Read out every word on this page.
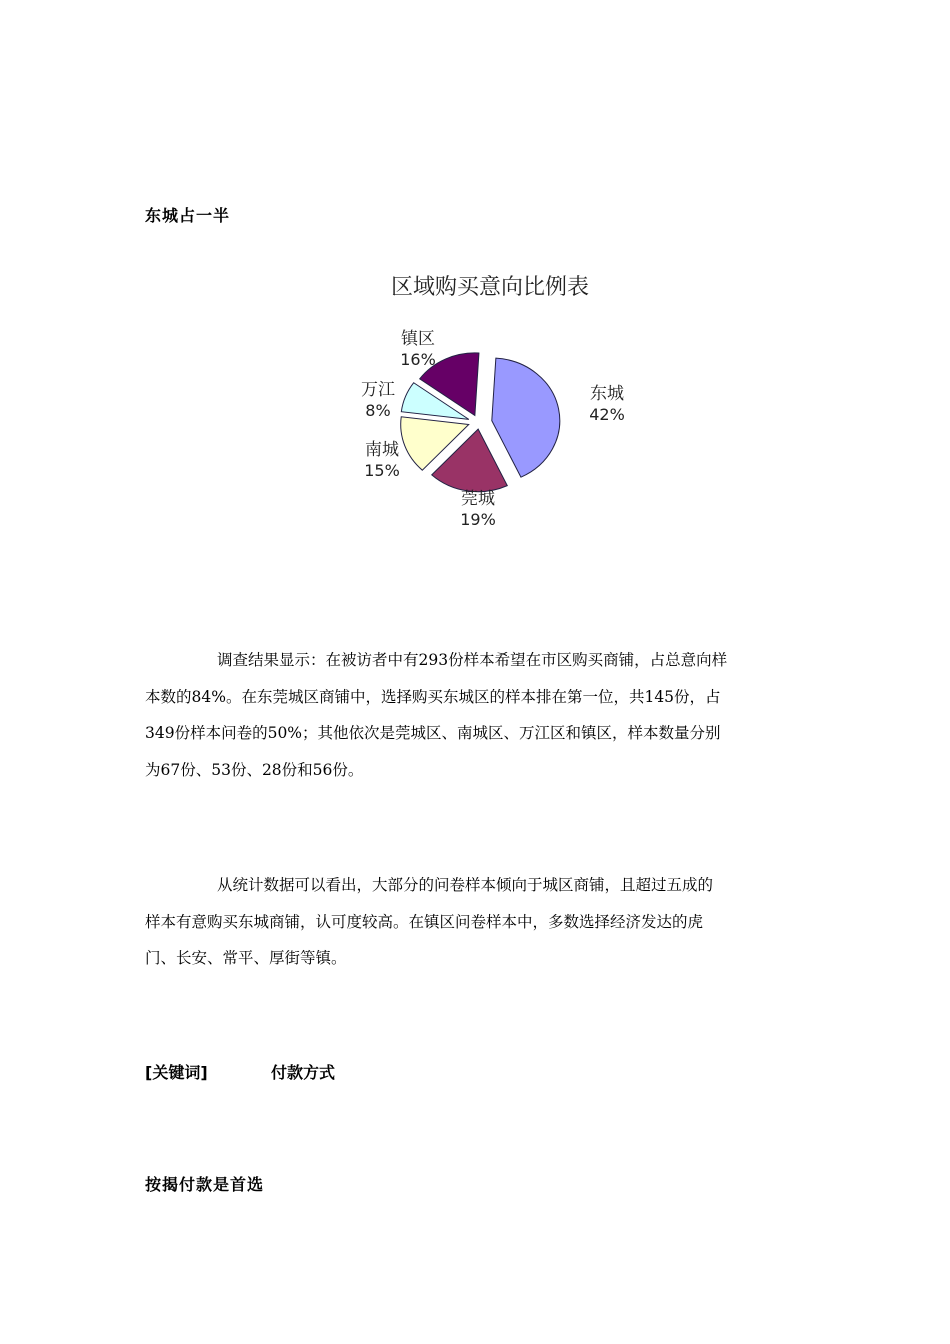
东城占一半
区域购买意向比例表
东城
42%
莞城
19%
南城
15%
万江
8%
镇区
16%

调查结果显示：在被访者中有293份样本希望在市区购买商铺，占总意向样
本数的84%。在东莞城区商铺中，选择购买东城区的样本排在第一位，共145份，占
349份样本问卷的50%；其他依次是莞城区、南城区、万江区和镇区，样本数量分别
为67份、53份、28份和56份。

从统计数据可以看出，大部分的问卷样本倾向于城区商铺，且超过五成的
样本有意购买东城商铺，认可度较高。在镇区问卷样本中，多数选择经济发达的虎
门、长安、常平、厚街等镇。

[关键词]	付款方式
按揭付款是首选
